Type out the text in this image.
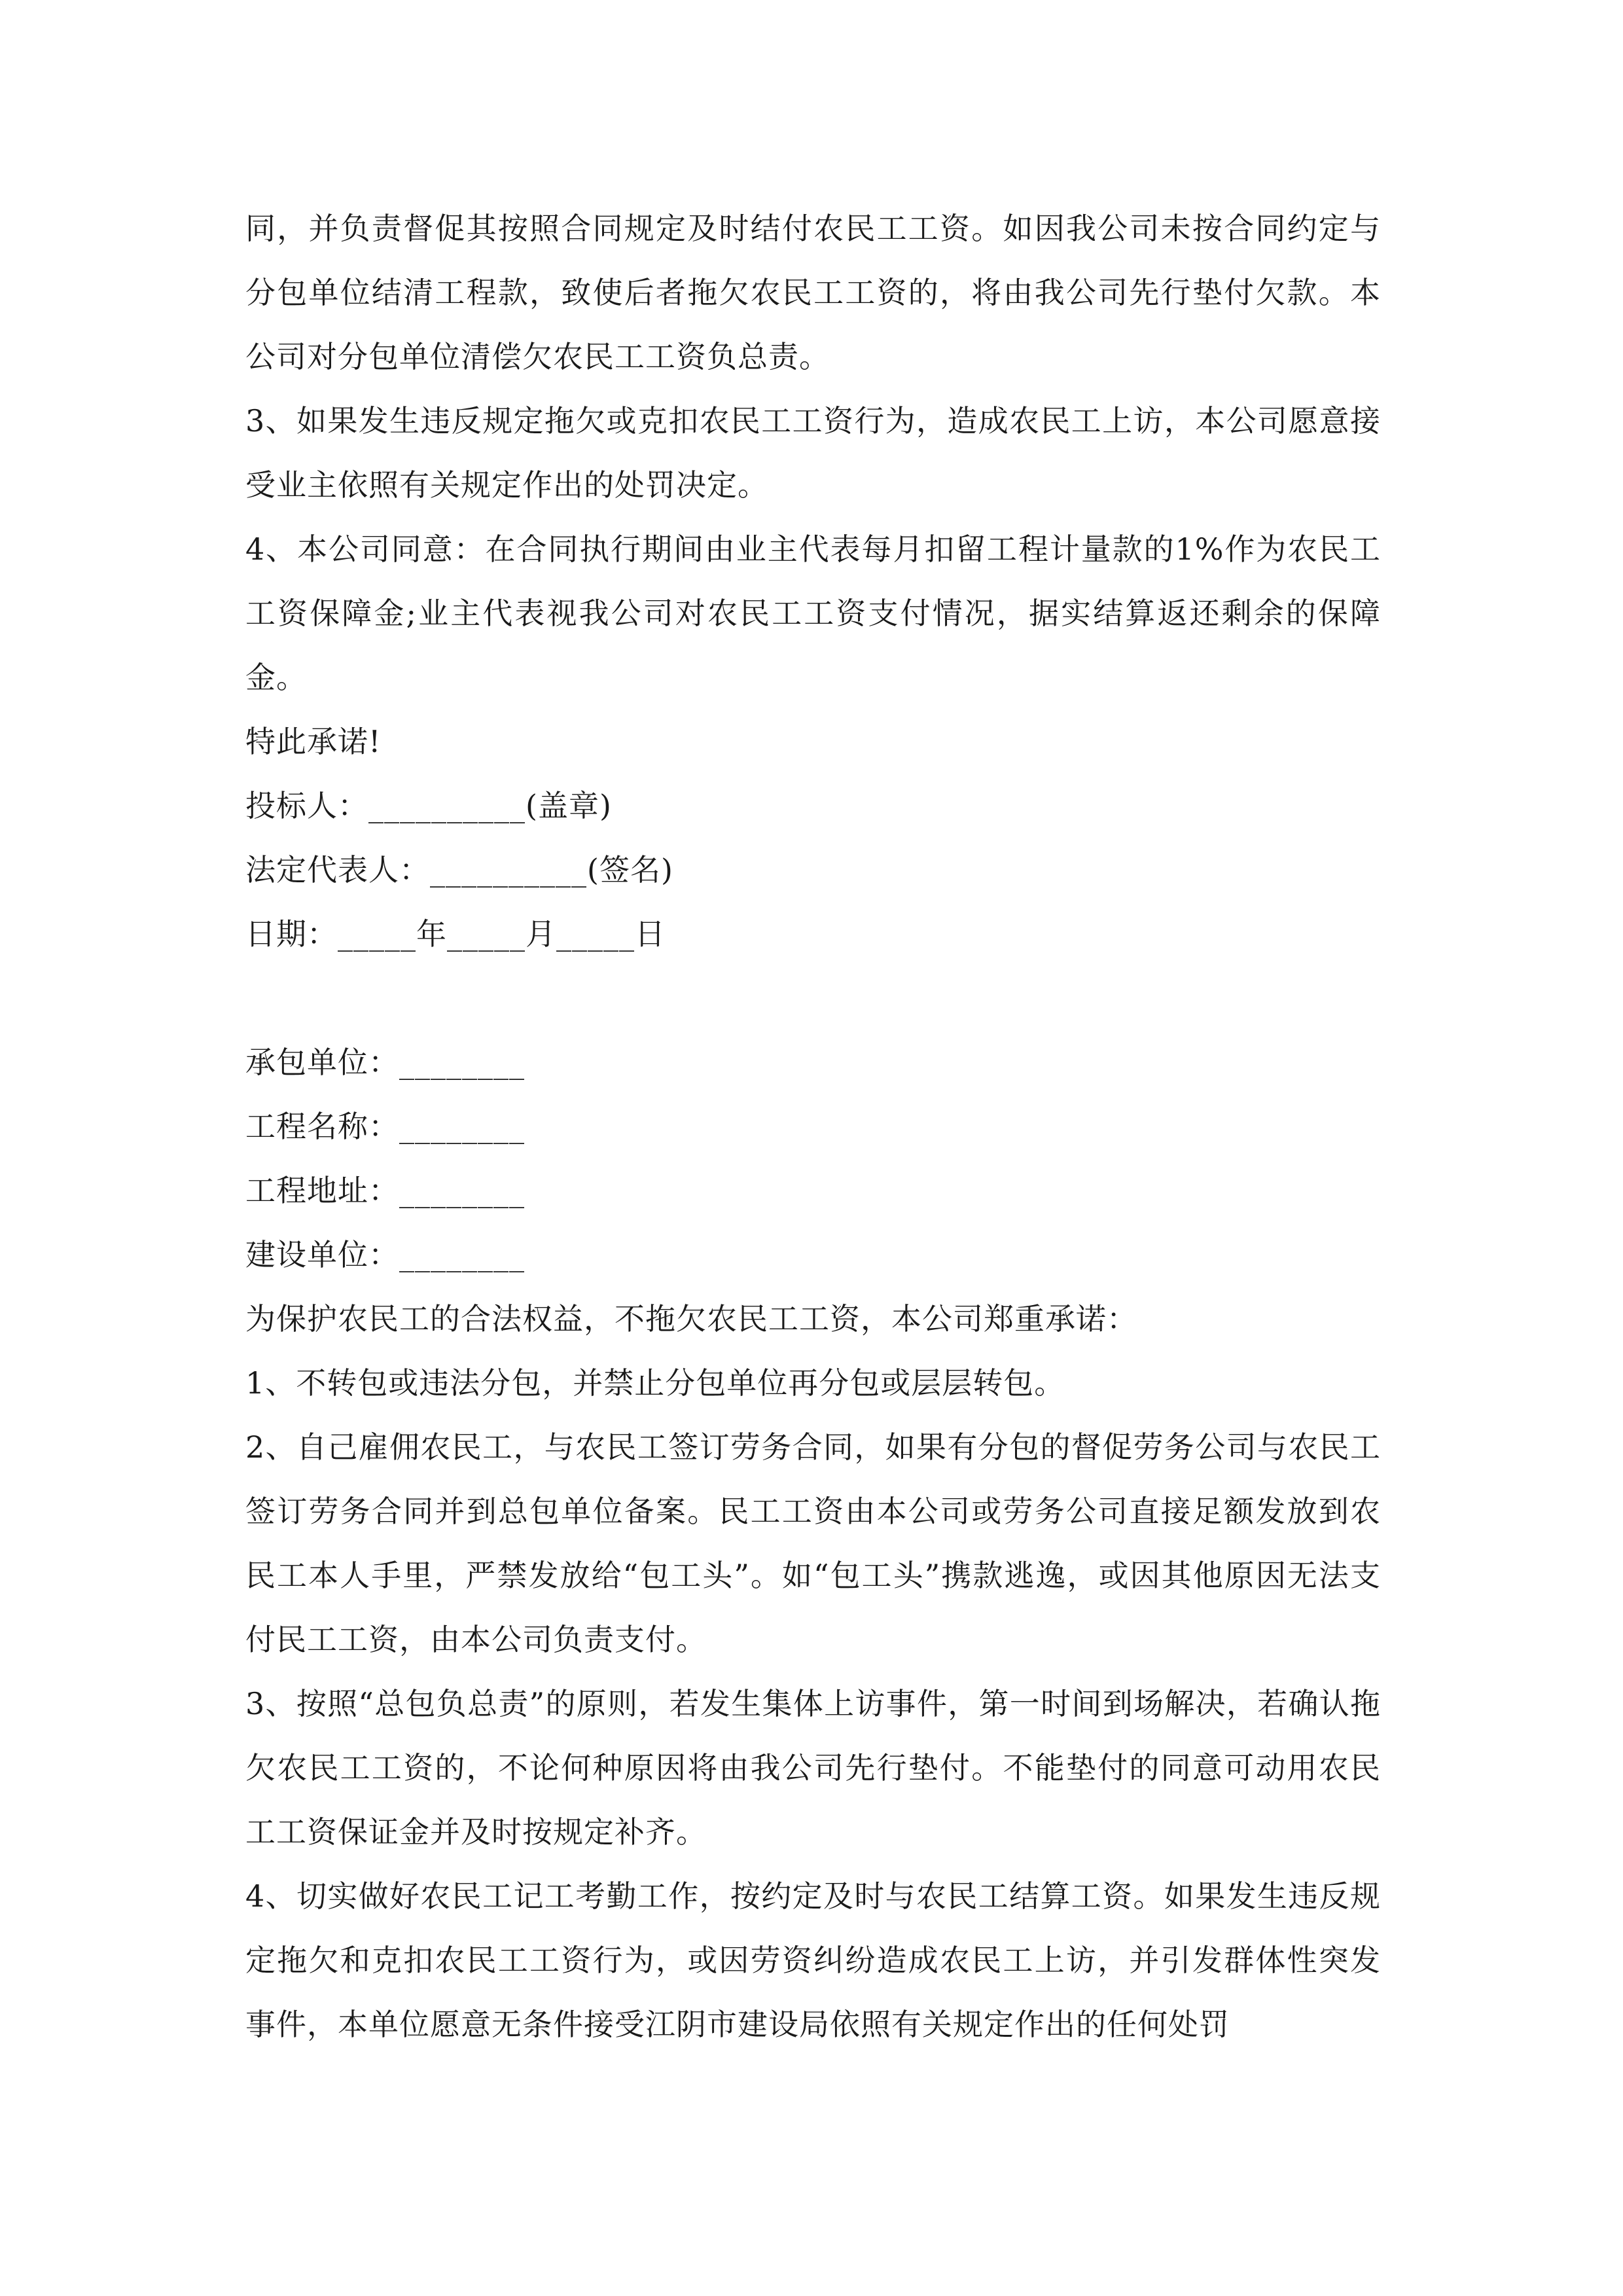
同，并负责督促其按照合同规定及时结付农民工工资。如因我公司未按合同约定与分包单位结清工程款，致使后者拖欠农民工工资的，将由我公司先行垫付欠款。本公司对分包单位清偿欠农民工工资负总责。

3、如果发生违反规定拖欠或克扣农民工工资行为，造成农民工上访，本公司愿意接受业主依照有关规定作出的处罚决定。

4、本公司同意：在合同执行期间由业主代表每月扣留工程计量款的1%作为农民工工资保障金;业主代表视我公司对农民工工资支付情况，据实结算返还剩余的保障金。

特此承诺!

投标人：__________(盖章)

法定代表人：__________(签名)

日期：_____年_____月_____日

承包单位：________

工程名称：________

工程地址：________

建设单位：________

为保护农民工的合法权益，不拖欠农民工工资，本公司郑重承诺：

1、不转包或违法分包，并禁止分包单位再分包或层层转包。

2、自己雇佣农民工，与农民工签订劳务合同，如果有分包的督促劳务公司与农民工签订劳务合同并到总包单位备案。民工工资由本公司或劳务公司直接足额发放到农民工本人手里，严禁发放给“包工头”。如“包工头”携款逃逸，或因其他原因无法支付民工工资，由本公司负责支付。

3、按照“总包负总责”的原则，若发生集体上访事件，第一时间到场解决，若确认拖欠农民工工资的，不论何种原因将由我公司先行垫付。不能垫付的同意可动用农民工工资保证金并及时按规定补齐。

4、切实做好农民工记工考勤工作，按约定及时与农民工结算工资。如果发生违反规定拖欠和克扣农民工工资行为，或因劳资纠纷造成农民工上访，并引发群体性突发事件，本单位愿意无条件接受江阴市建设局依照有关规定作出的任何处罚
